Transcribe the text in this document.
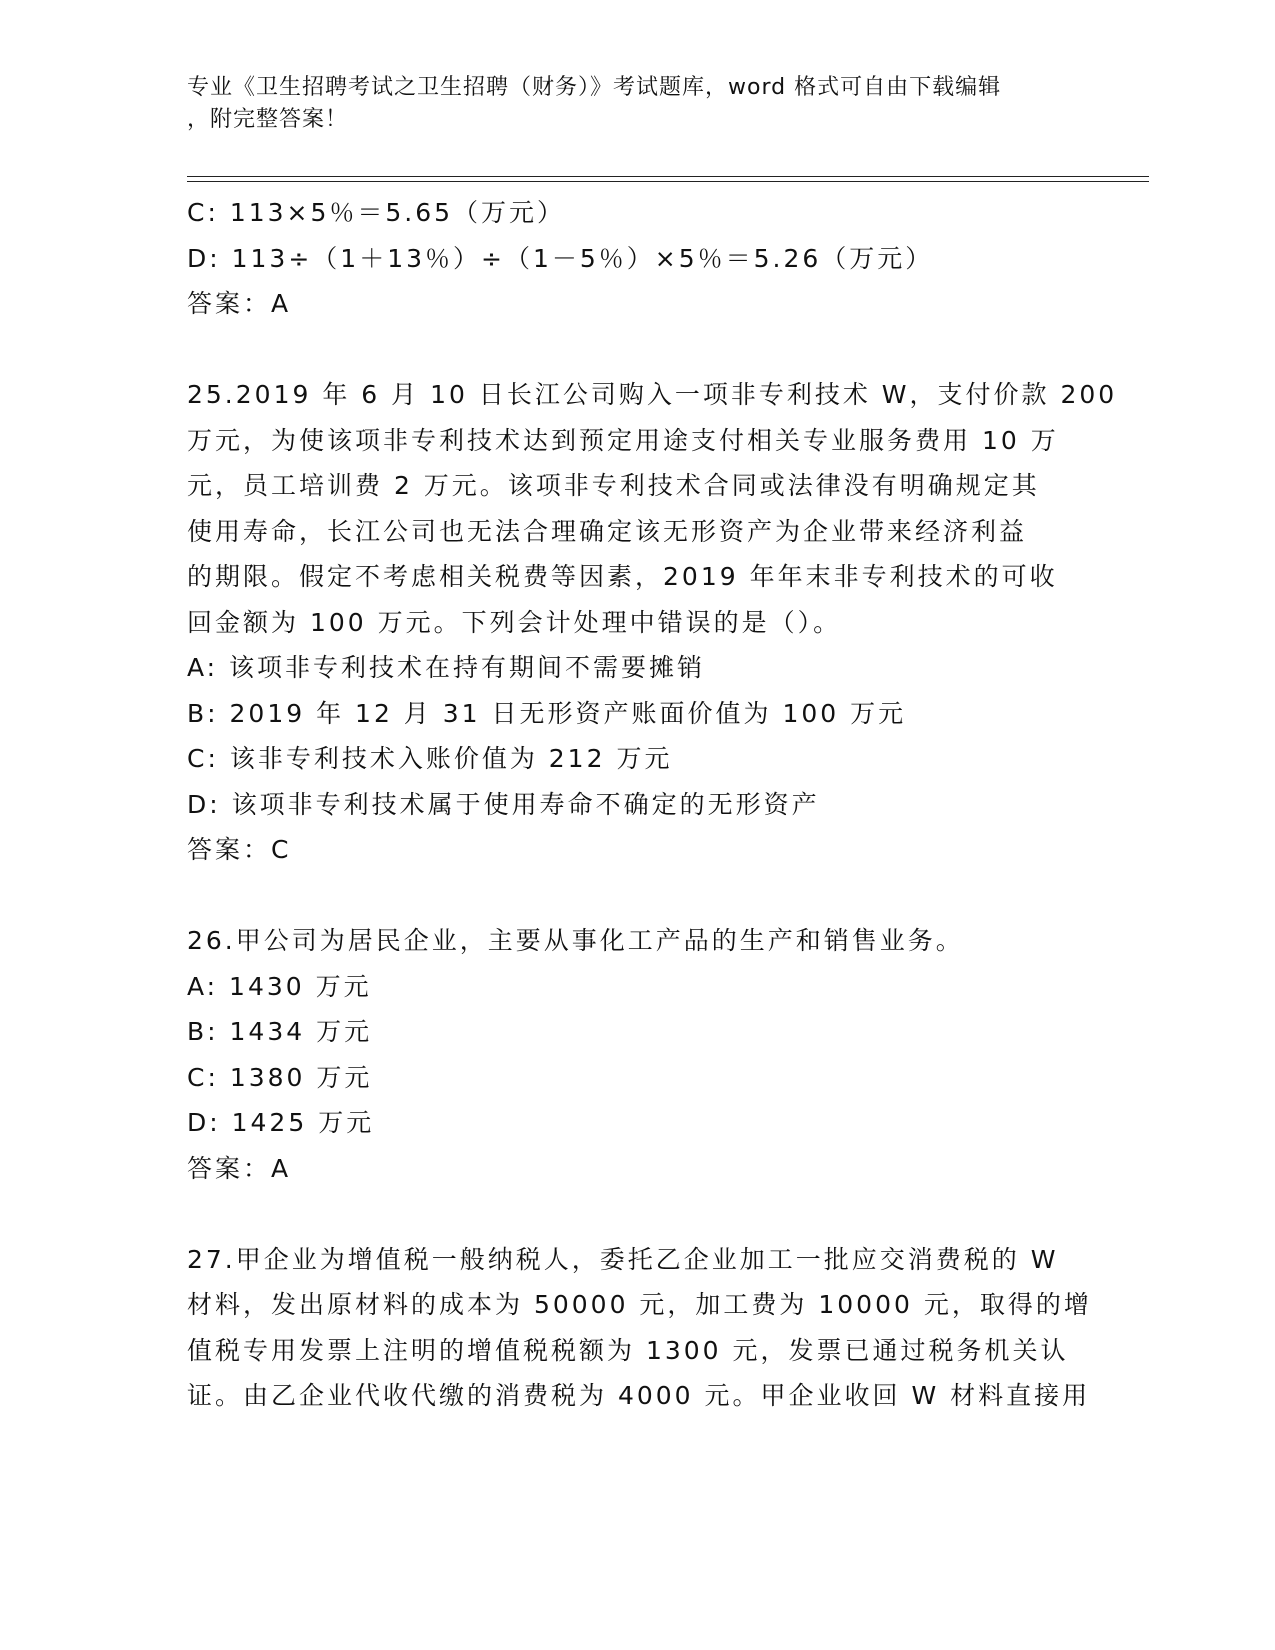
专业《卫生招聘考试之卫生招聘（财务）》考试题库，word 格式可自由下载编辑
，附完整答案！
C: 113×5％＝5.65（万元）
D: 113÷（1＋13％）÷（1－5％）×5％＝5.26（万元）
答案：A
25.2019 年 6 月 10 日长江公司购入一项非专利技术 W，支付价款 200
万元，为使该项非专利技术达到预定用途支付相关专业服务费用 10 万
元，员工培训费 2 万元。该项非专利技术合同或法律没有明确规定其
使用寿命，长江公司也无法合理确定该无形资产为企业带来经济利益
的期限。假定不考虑相关税费等因素，2019 年年末非专利技术的可收
回金额为 100 万元。下列会计处理中错误的是（）。
A: 该项非专利技术在持有期间不需要摊销
B: 2019 年 12 月 31 日无形资产账面价值为 100 万元
C: 该非专利技术入账价值为 212 万元
D: 该项非专利技术属于使用寿命不确定的无形资产
答案：C
26.甲公司为居民企业，主要从事化工产品的生产和销售业务。
A: 1430 万元
B: 1434 万元
C: 1380 万元
D: 1425 万元
答案：A
27.甲企业为增值税一般纳税人，委托乙企业加工一批应交消费税的 W
材料，发出原材料的成本为 50000 元，加工费为 10000 元，取得的增
值税专用发票上注明的增值税税额为 1300 元，发票已通过税务机关认
证。由乙企业代收代缴的消费税为 4000 元。甲企业收回 W 材料直接用
